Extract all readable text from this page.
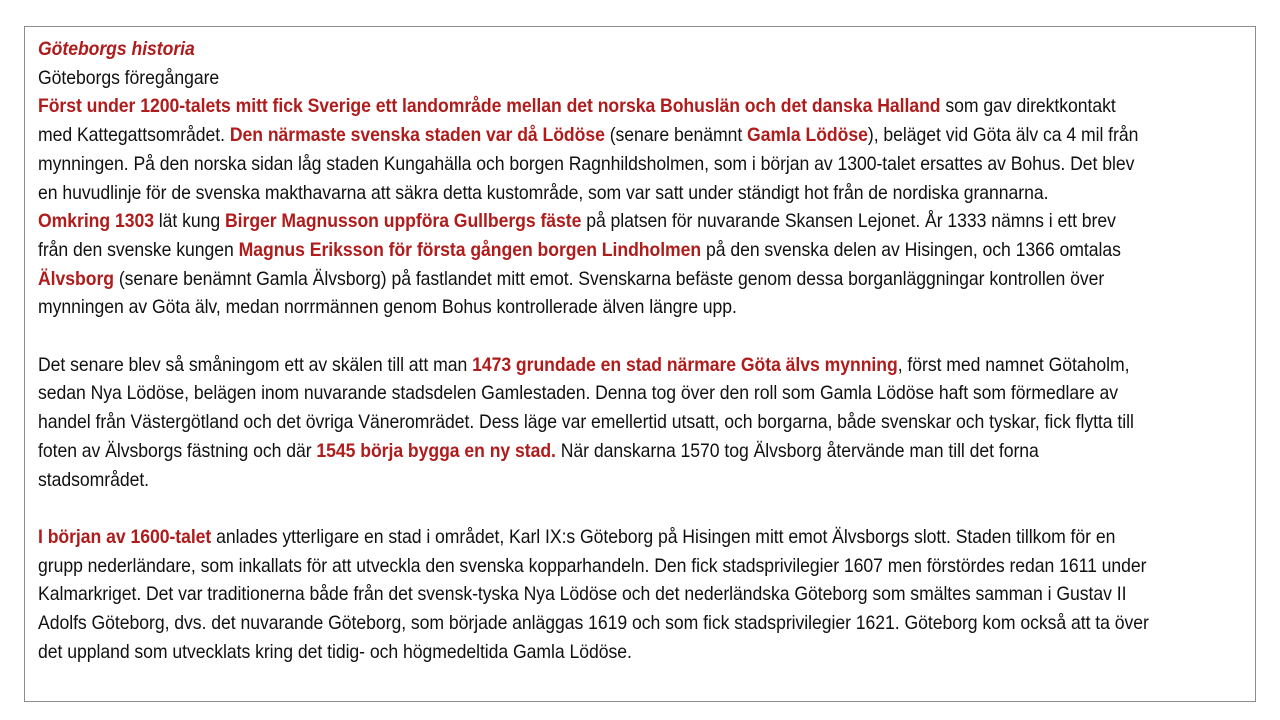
Göteborgs historia

Göteborgs föregångare

Först under 1200-talets mitt fick Sverige ett landområde mellan det norska Bohuslän och det danska Halland som gav direktkontakt med Kattegattsområdet. Den närmaste svenska staden var då Lödöse (senare benämnt Gamla Lödöse), beläget vid Göta älv ca 4 mil från mynningen. På den norska sidan låg staden Kungahälla och borgen Ragnhildsholmen, som i början av 1300-talet ersattes av Bohus. Det blev en huvudlinje för de svenska makthavarna att säkra detta kustområde, som var satt under ständigt hot från de nordiska grannarna.

Omkring 1303 lät kung Birger Magnusson uppföra Gullbergs fäste på platsen för nuvarande Skansen Lejonet. År 1333 nämns i ett brev från den svenske kungen Magnus Eriksson för första gången borgen Lindholmen på den svenska delen av Hisingen, och 1366 omtalas Älvsborg (senare benämnt Gamla Älvsborg) på fastlandet mitt emot. Svenskarna befäste genom dessa borganläggningar kontrollen över mynningen av Göta älv, medan norrmännen genom Bohus kontrollerade älven längre upp.

Det senare blev så småningom ett av skälen till att man 1473 grundade en stad närmare Göta älvs mynning, först med namnet Götaholm, sedan Nya Lödöse, belägen inom nuvarande stadsdelen Gamlestaden. Denna tog över den roll som Gamla Lödöse haft som förmedlare av handel från Västergötland och det övriga Väneromrädet. Dess läge var emellertid utsatt, och borgarna, både svenskar och tyskar, fick flytta till foten av Älvsborgs fästning och där 1545 börja bygga en ny stad. När danskarna 1570 tog Älvsborg återvände man till det forna stadsområdet.

I början av 1600-talet anlades ytterligare en stad i området, Karl IX:s Göteborg på Hisingen mitt emot Älvsborgs slott. Staden tillkom för en grupp nederländare, som inkallats för att utveckla den svenska kopparhandeln. Den fick stadsprivilegier 1607 men förstördes redan 1611 under Kalmarkriget. Det var traditionerna både från det svensk-tyska Nya Lödöse och det nederländska Göteborg som smältes samman i Gustav II Adolfs Göteborg, dvs. det nuvarande Göteborg, som började anläggas 1619 och som fick stadsprivilegier 1621. Göteborg kom också att ta över det uppland som utvecklats kring det tidig- och högmedeltida Gamla Lödöse.
